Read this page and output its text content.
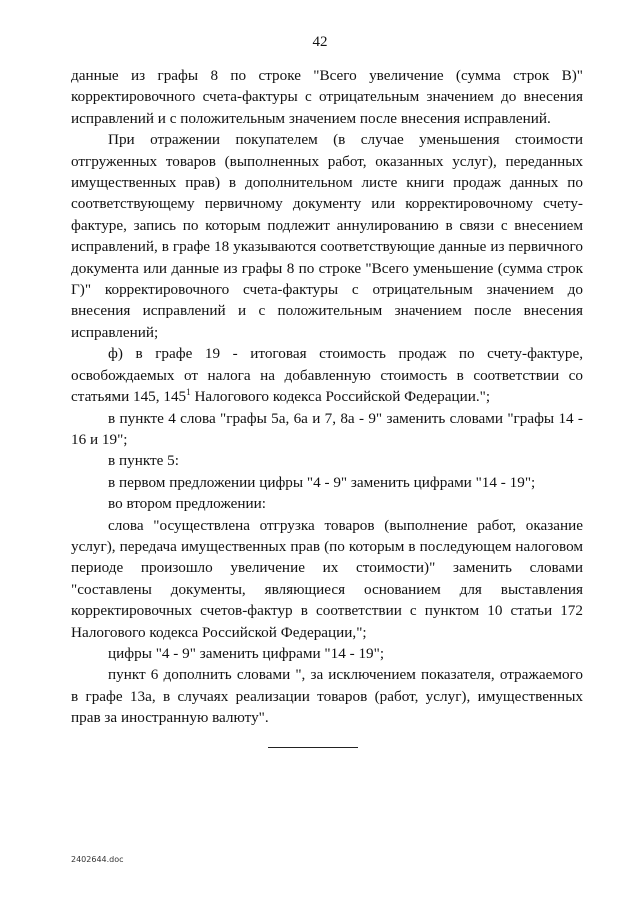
42

данные из графы 8 по строке "Всего увеличение (сумма строк В)" корректировочного счета-фактуры с отрицательным значением до внесения исправлений и с положительным значением после внесения исправлений.

При отражении покупателем (в случае уменьшения стоимости отгруженных товаров (выполненных работ, оказанных услуг), переданных имущественных прав) в дополнительном листе книги продаж данных по соответствующему первичному документу или корректировочному счету-фактуре, запись по которым подлежит аннулированию в связи с внесением исправлений, в графе 18 указываются соответствующие данные из первичного документа или данные из графы 8 по строке "Всего уменьшение (сумма строк Г)" корректировочного счета-фактуры с отрицательным значением до внесения исправлений и с положительным значением после внесения исправлений;

ф) в графе 19 - итоговая стоимость продаж по счету-фактуре, освобождаемых от налога на добавленную стоимость в соответствии со статьями 145, $145^1$ Налогового кодекса Российской Федерации.";

в пункте 4 слова "графы 5а, 6а и 7, 8а - 9" заменить словами "графы 14 - 16 и 19";

в пункте 5:

в первом предложении цифры "4 - 9" заменить цифрами "14 - 19";

во втором предложении:

слова "осуществлена отгрузка товаров (выполнение работ, оказание услуг), передача имущественных прав (по которым в последующем налоговом периоде произошло увеличение их стоимости)" заменить словами "составлены документы, являющиеся основанием для выставления корректировочных счетов-фактур в соответствии с пунктом 10 статьи 172 Налогового кодекса Российской Федерации,";

цифры "4 - 9" заменить цифрами "14 - 19";

пункт 6 дополнить словами ", за исключением показателя, отражаемого в графе 13а, в случаях реализации товаров (работ, услуг), имущественных прав за иностранную валюту".

2402644.doc
